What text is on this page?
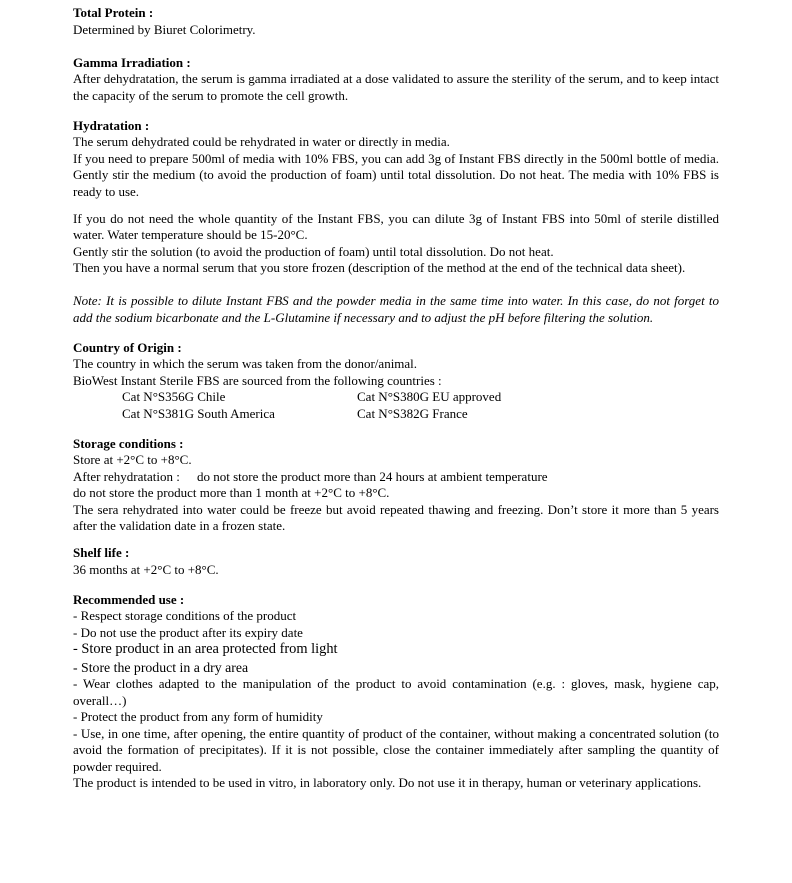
Total Protein :

Determined by Biuret Colorimetry.

Gamma Irradiation :

After dehydratation, the serum is gamma irradiated at a dose validated to assure the sterility of the serum, and to keep intact the capacity of the serum to promote the cell growth.

Hydratation :

The serum dehydrated could be rehydrated in water or directly in media.

If you need to prepare 500ml of media with 10% FBS, you can add 3g of Instant FBS directly in the 500ml bottle of media. Gently stir the medium (to avoid the production of foam) until total dissolution. Do not heat. The media with 10% FBS is ready to use.

If you do not need the whole quantity of the Instant FBS, you can dilute 3g of Instant FBS into 50ml of sterile distilled water. Water temperature should be 15-20°C.

Gently stir the solution (to avoid the production of foam) until total dissolution. Do not heat.

Then you have a normal serum that you store frozen (description of the method at the end of the technical data sheet).

Note: It is possible to dilute Instant FBS and the powder media in the same time into water. In this case, do not forget to add the sodium bicarbonate and the L-Glutamine if necessary and to adjust the pH before filtering the solution.

Country of Origin :

The country in which the serum was taken from the donor/animal.

BioWest Instant Sterile FBS are sourced from the following countries :

Cat N°S356G Chile	Cat N°S380G EU approved
Cat N°S381G South America	Cat N°S382G France

Storage conditions :

Store at +2°C to +8°C.

After rehydratation :	do not store the product more than 24 hours at ambient temperature
do not store the product more than 1 month at +2°C to +8°C.

The sera rehydrated into water could be freeze but avoid repeated thawing and freezing. Don’t store it more than 5 years after the validation date in a frozen state.

Shelf life :

36 months at +2°C to +8°C.

Recommended use :

- Respect storage conditions of the product

- Do not use the product after its expiry date

- Store product in an area protected from light

- Store the product in a dry area

- Wear clothes adapted to the manipulation of the product to avoid contamination (e.g. : gloves, mask, hygiene cap, overall…)

- Protect the product from any form of humidity

- Use, in one time, after opening, the entire quantity of product of the container, without making a concentrated solution (to avoid the formation of precipitates). If it is not possible, close the container immediately after sampling the quantity of powder required.

The product is intended to be used in vitro, in laboratory only. Do not use it in therapy, human or veterinary applications.
